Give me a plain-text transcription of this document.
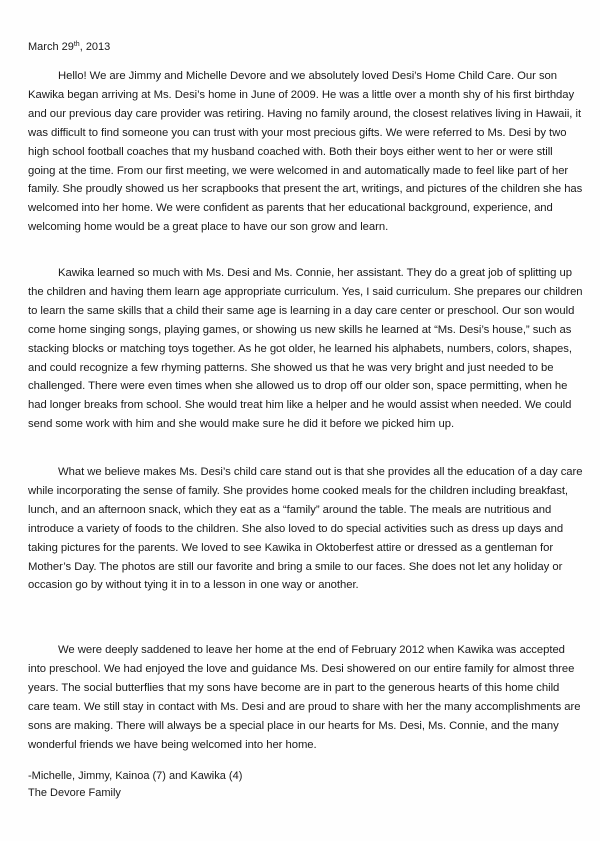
March 29th, 2013

Hello! We are Jimmy and Michelle Devore and we absolutely loved Desi’s Home Child Care. Our son Kawika began arriving at Ms. Desi’s home in June of 2009. He was a little over a month shy of his first birthday and our previous day care provider was retiring. Having no family around, the closest relatives living in Hawaii, it was difficult to find someone you can trust with your most precious gifts. We were referred to Ms. Desi by two high school football coaches that my husband coached with. Both their boys either went to her or were still going at the time. From our first meeting, we were welcomed in and automatically made to feel like part of her family. She proudly showed us her scrapbooks that present the art, writings, and pictures of the children she has welcomed into her home. We were confident as parents that her educational background, experience, and welcoming home would be a great place to have our son grow and learn.

Kawika learned so much with Ms. Desi and Ms. Connie, her assistant. They do a great job of splitting up the children and having them learn age appropriate curriculum. Yes, I said curriculum. She prepares our children to learn the same skills that a child their same age is learning in a day care center or preschool. Our son would come home singing songs, playing games, or showing us new skills he learned at “Ms. Desi’s house,” such as stacking blocks or matching toys together. As he got older, he learned his alphabets, numbers, colors, shapes, and could recognize a few rhyming patterns. She showed us that he was very bright and just needed to be challenged. There were even times when she allowed us to drop off our older son, space permitting, when he had longer breaks from school. She would treat him like a helper and he would assist when needed. We could send some work with him and she would make sure he did it before we picked him up.

What we believe makes Ms. Desi’s child care stand out is that she provides all the education of a day care while incorporating the sense of family. She provides home cooked meals for the children including breakfast, lunch, and an afternoon snack, which they eat as a “family” around the table. The meals are nutritious and introduce a variety of foods to the children. She also loved to do special activities such as dress up days and taking pictures for the parents. We loved to see Kawika in Oktoberfest attire or dressed as a gentleman for Mother’s Day. The photos are still our favorite and bring a smile to our faces. She does not let any holiday or occasion go by without tying it in to a lesson in one way or another.

We were deeply saddened to leave her home at the end of February 2012 when Kawika was accepted into preschool. We had enjoyed the love and guidance Ms. Desi showered on our entire family for almost three years. The social butterflies that my sons have become are in part to the generous hearts of this home child care team. We still stay in contact with Ms. Desi and are proud to share with her the many accomplishments are sons are making. There will always be a special place in our hearts for Ms. Desi, Ms. Connie, and the many wonderful friends we have being welcomed into her home.

-Michelle, Jimmy, Kainoa (7) and Kawika (4)
The Devore Family
